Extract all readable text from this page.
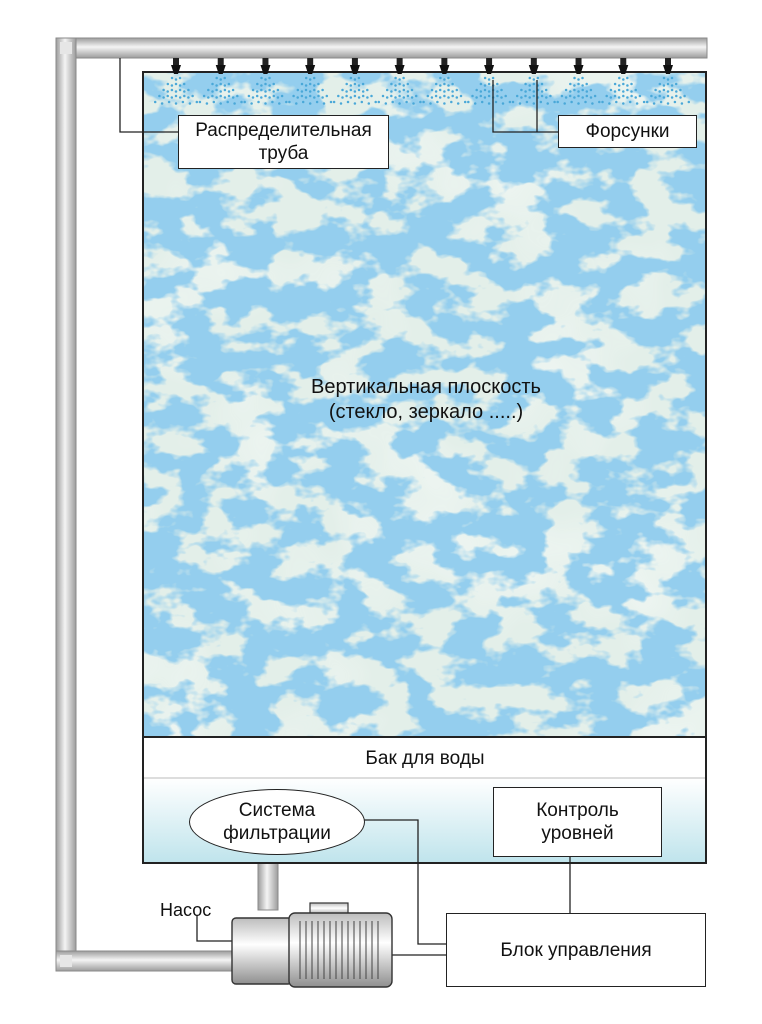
Распределительная труба
Форсунки
Вертикальная плоскость
(стекло, зеркало .....)
Бак для воды
Система
фильтрации
Контроль
уровней
Насос
Блок управления
